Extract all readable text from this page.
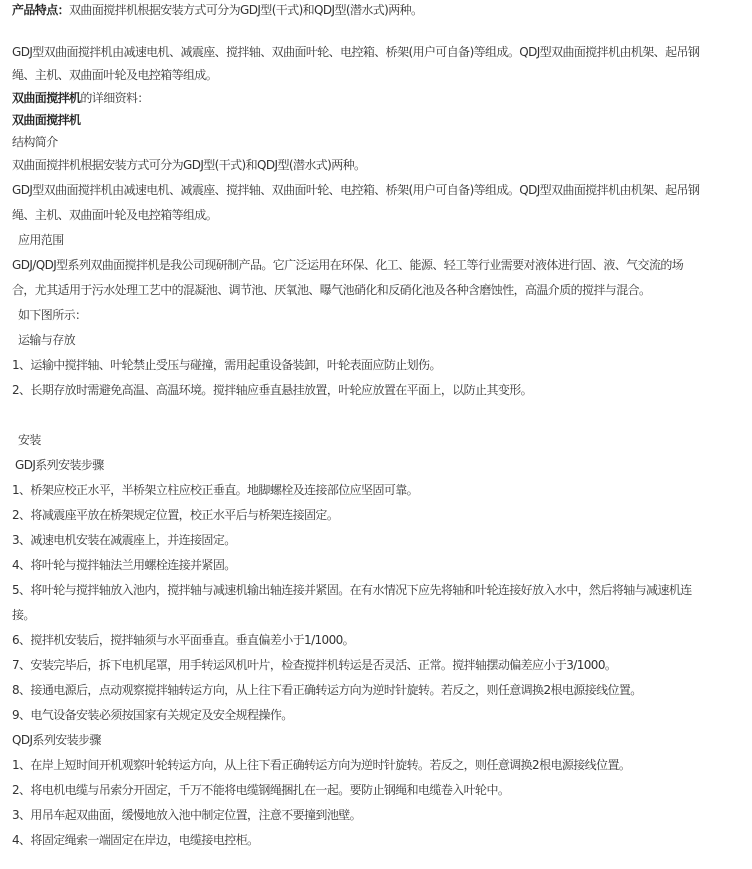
产品特点：双曲面搅拌机根据安装方式可分为GDJ型(干式)和QDJ型(潜水式)两种。
GDJ型双曲面搅拌机由减速电机、减震座、搅拌轴、双曲面叶轮、电控箱、桥架(用户可自备)等组成。QDJ型双曲面搅拌机由机架、起吊钢
绳、主机、双曲面叶轮及电控箱等组成。
双曲面搅拌机的详细资料：
双曲面搅拌机
结构简介
双曲面搅拌机根据安装方式可分为GDJ型(干式)和QDJ型(潜水式)两种。
GDJ型双曲面搅拌机由减速电机、减震座、搅拌轴、双曲面叶轮、电控箱、桥架(用户可自备)等组成。QDJ型双曲面搅拌机由机架、起吊钢
绳、主机、双曲面叶轮及电控箱等组成。
应用范围
GDJ/QDJ型系列双曲面搅拌机是我公司现研制产品。它广泛运用在环保、化工、能源、轻工等行业需要对液体进行固、液、气交流的场
合，尤其适用于污水处理工艺中的混凝池、调节池、厌氧池、曝气池硝化和反硝化池及各种含磨蚀性，高温介质的搅拌与混合。
如下图所示：
运输与存放
1、运输中搅拌轴、叶轮禁止受压与碰撞，需用起重设备装卸，叶轮表面应防止划伤。
2、长期存放时需避免高温、高温环境。搅拌轴应垂直悬挂放置，叶轮应放置在平面上，以防止其变形。
安装
GDJ系列安装步骤
1、桥架应校正水平，半桥架立柱应校正垂直。地脚螺栓及连接部位应坚固可靠。
2、将减震座平放在桥架规定位置，校正水平后与桥架连接固定。
3、减速电机安装在减震座上，并连接固定。
4、将叶轮与搅拌轴法兰用螺栓连接并紧固。
5、将叶轮与搅拌轴放入池内，搅拌轴与减速机输出轴连接并紧固。在有水情况下应先将轴和叶轮连接好放入水中，然后将轴与减速机连
接。
6、搅拌机安装后，搅拌轴须与水平面垂直。垂直偏差小于1/1000。
7、安装完毕后，拆下电机尾罩，用手转运风机叶片，检查搅拌机转运是否灵活、正常。搅拌轴摆动偏差应小于3/1000。
8、接通电源后，点动观察搅拌轴转运方向，从上往下看正确转运方向为逆时针旋转。若反之，则任意调换2根电源接线位置。
9、电气设备安装必须按国家有关规定及安全规程操作。
QDJ系列安装步骤
1、在岸上短时间开机观察叶轮转运方向，从上往下看正确转运方向为逆时针旋转。若反之，则任意调换2根电源接线位置。
2、将电机电缆与吊索分开固定，千万不能将电缆钢绳捆扎在一起。要防止钢绳和电缆卷入叶轮中。
3、用吊车起双曲面，缓慢地放入池中制定位置，注意不要撞到池壁。
4、将固定绳索一端固定在岸边，电缆接电控柜。
